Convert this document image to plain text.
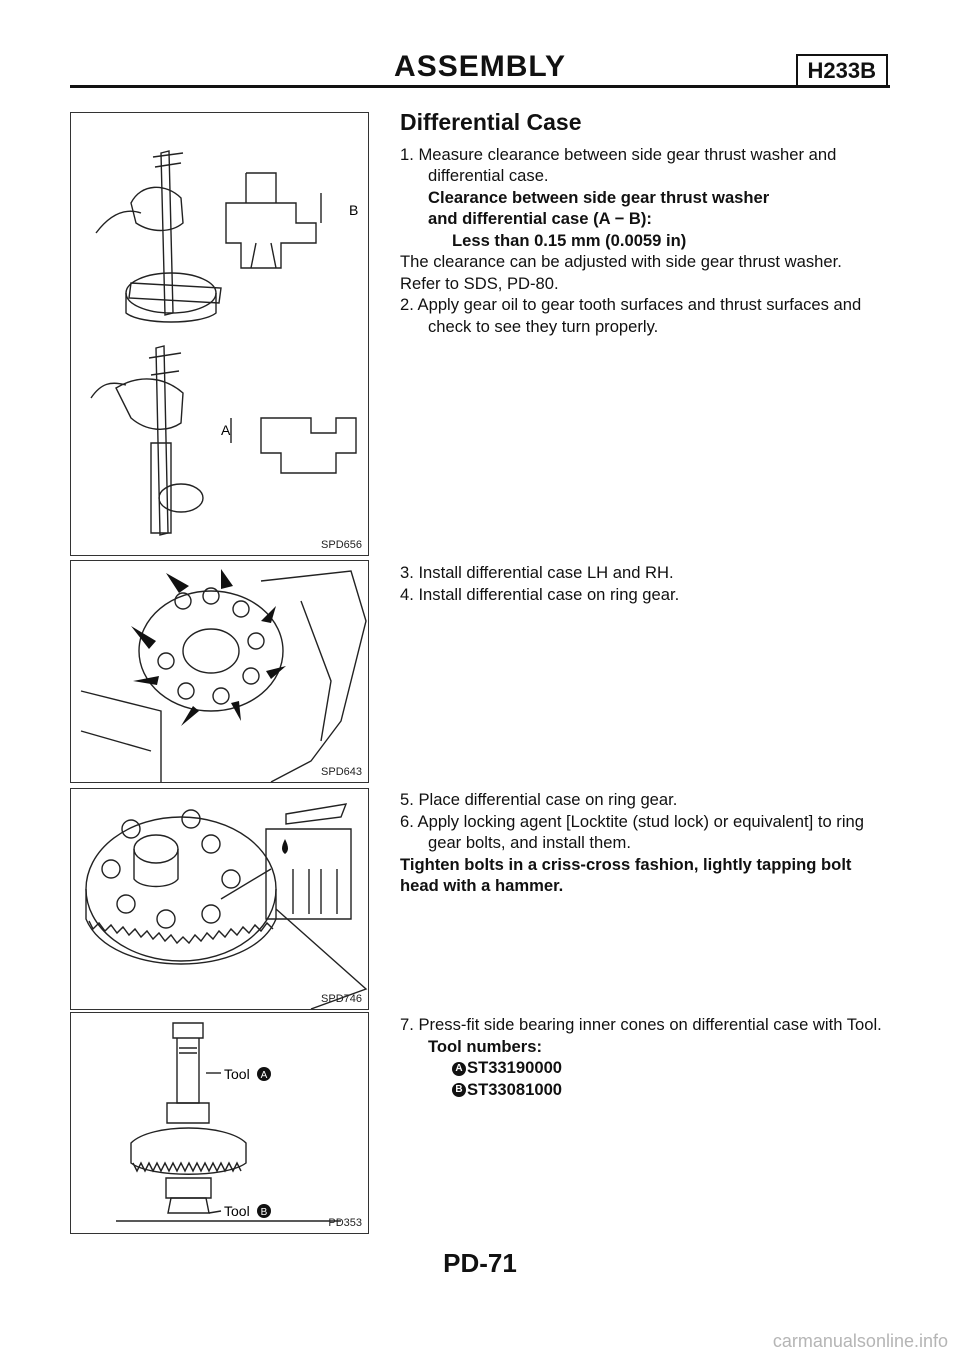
ASSEMBLY	H233B
B
A
SPD656
SPD643
SPD746
Tool A
Tool B
PD353
Differential Case
1. Measure clearance between side gear thrust washer and differential case.
Clearance between side gear thrust washer
and differential case (A − B):
Less than 0.15 mm (0.0059 in)
The clearance can be adjusted with side gear thrust washer.
Refer to SDS, PD-80.
2. Apply gear oil to gear tooth surfaces and thrust surfaces and check to see they turn properly.
3. Install differential case LH and RH.
4. Install differential case on ring gear.
5. Place differential case on ring gear.
6. Apply locking agent [Locktite (stud lock) or equivalent] to ring gear bolts, and install them.
Tighten bolts in a criss-cross fashion, lightly tapping bolt head with a hammer.
7. Press-fit side bearing inner cones on differential case with Tool.
Tool numbers:
A ST33190000
B ST33081000
PD-71
carmanualsonline.info
